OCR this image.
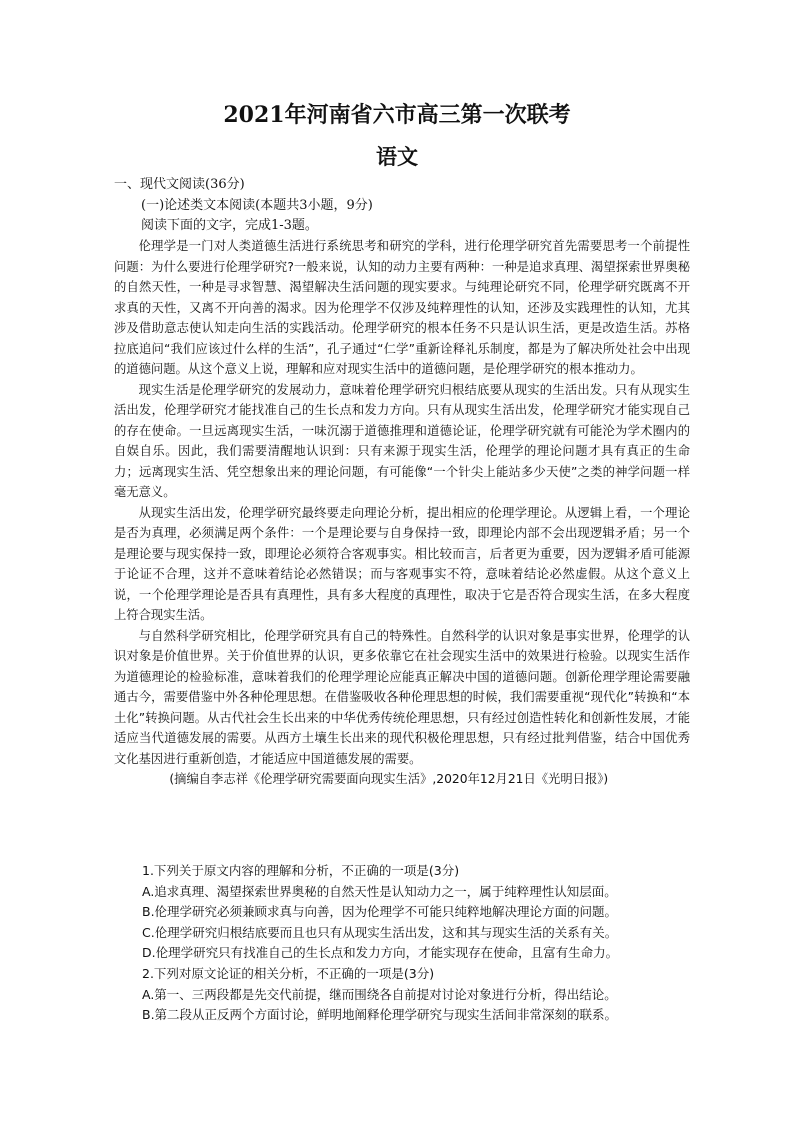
2021年河南省六市高三第一次联考
语文
一、现代文阅读(36分)
(一)论述类文本阅读(本题共3小题，9分)
阅读下面的文字，完成1-3题。

伦理学是一门对人类道德生活进行系统思考和研究的学科，进行伦理学研究首先需要思考一个前提性问题：为什么要进行伦理学研究?一般来说，认知的动力主要有两种：一种是追求真理、渴望探索世界奥秘的自然天性，一种是寻求智慧、渴望解决生活问题的现实要求。与纯理论研究不同，伦理学研究既离不开求真的天性，又离不开向善的渴求。因为伦理学不仅涉及纯粹理性的认知，还涉及实践理性的认知，尤其涉及借助意志使认知走向生活的实践活动。伦理学研究的根本任务不只是认识生活，更是改造生活。苏格拉底追问“我们应该过什么样的生活”，孔子通过“仁学”重新诠释礼乐制度，都是为了解决所处社会中出现的道德问题。从这个意义上说，理解和应对现实生活中的道德问题，是伦理学研究的根本推动力。

现实生活是伦理学研究的发展动力，意味着伦理学研究归根结底要从现实的生活出发。只有从现实生活出发，伦理学研究才能找准自己的生长点和发力方向。只有从现实生活出发，伦理学研究才能实现自己的存在使命。一旦远离现实生活，一味沉溺于道德推理和道德论证，伦理学研究就有可能沦为学术圈内的自娱自乐。因此，我们需要清醒地认识到：只有来源于现实生活，伦理学的理论问题才具有真正的生命力；远离现实生活、凭空想象出来的理论问题，有可能像“一个针尖上能站多少天使”之类的神学问题一样毫无意义。

从现实生活出发，伦理学研究最终要走向理论分析，提出相应的伦理学理论。从逻辑上看，一个理论是否为真理，必须满足两个条件：一个是理论要与自身保持一致，即理论内部不会出现逻辑矛盾；另一个是理论要与现实保持一致，即理论必须符合客观事实。相比较而言，后者更为重要，因为逻辑矛盾可能源于论证不合理，这并不意味着结论必然错误；而与客观事实不符，意味着结论必然虚假。从这个意义上说，一个伦理学理论是否具有真理性，具有多大程度的真理性，取决于它是否符合现实生活，在多大程度上符合现实生活。

与自然科学研究相比，伦理学研究具有自己的特殊性。自然科学的认识对象是事实世界，伦理学的认识对象是价值世界。关于价值世界的认识，更多依靠它在社会现实生活中的效果进行检验。以现实生活作为道德理论的检验标准，意味着我们的伦理学理论应能真正解决中国的道德问题。创新伦理学理论需要融通古今，需要借鉴中外各种伦理思想。在借鉴吸收各种伦理思想的时候，我们需要重视“现代化”转换和“本土化”转换问题。从古代社会生长出来的中华优秀传统伦理思想，只有经过创造性转化和创新性发展，才能适应当代道德发展的需要。从西方土壤生长出来的现代积极伦理思想，只有经过批判借鉴，结合中国优秀文化基因进行重新创造，才能适应中国道德发展的需要。

(摘编自李志祥《伦理学研究需要面向现实生活》,2020年12月21日《光明日报》)

1.下列关于原文内容的理解和分析，不正确的一项是(3分)
A.追求真理、渴望探索世界奥秘的自然天性是认知动力之一，属于纯粹理性认知层面。
B.伦理学研究必须兼顾求真与向善，因为伦理学不可能只纯粹地解决理论方面的问题。
C.伦理学研究归根结底要而且也只有从现实生活出发，这和其与现实生活的关系有关。
D.伦理学研究只有找准自己的生长点和发力方向，才能实现存在使命，且富有生命力。
2.下列对原文论证的相关分析，不正确的一项是(3分)
A.第一、三两段都是先交代前提，继而围绕各自前提对讨论对象进行分析，得出结论。
B.第二段从正反两个方面讨论，鲜明地阐释伦理学研究与现实生活间非常深刻的联系。
